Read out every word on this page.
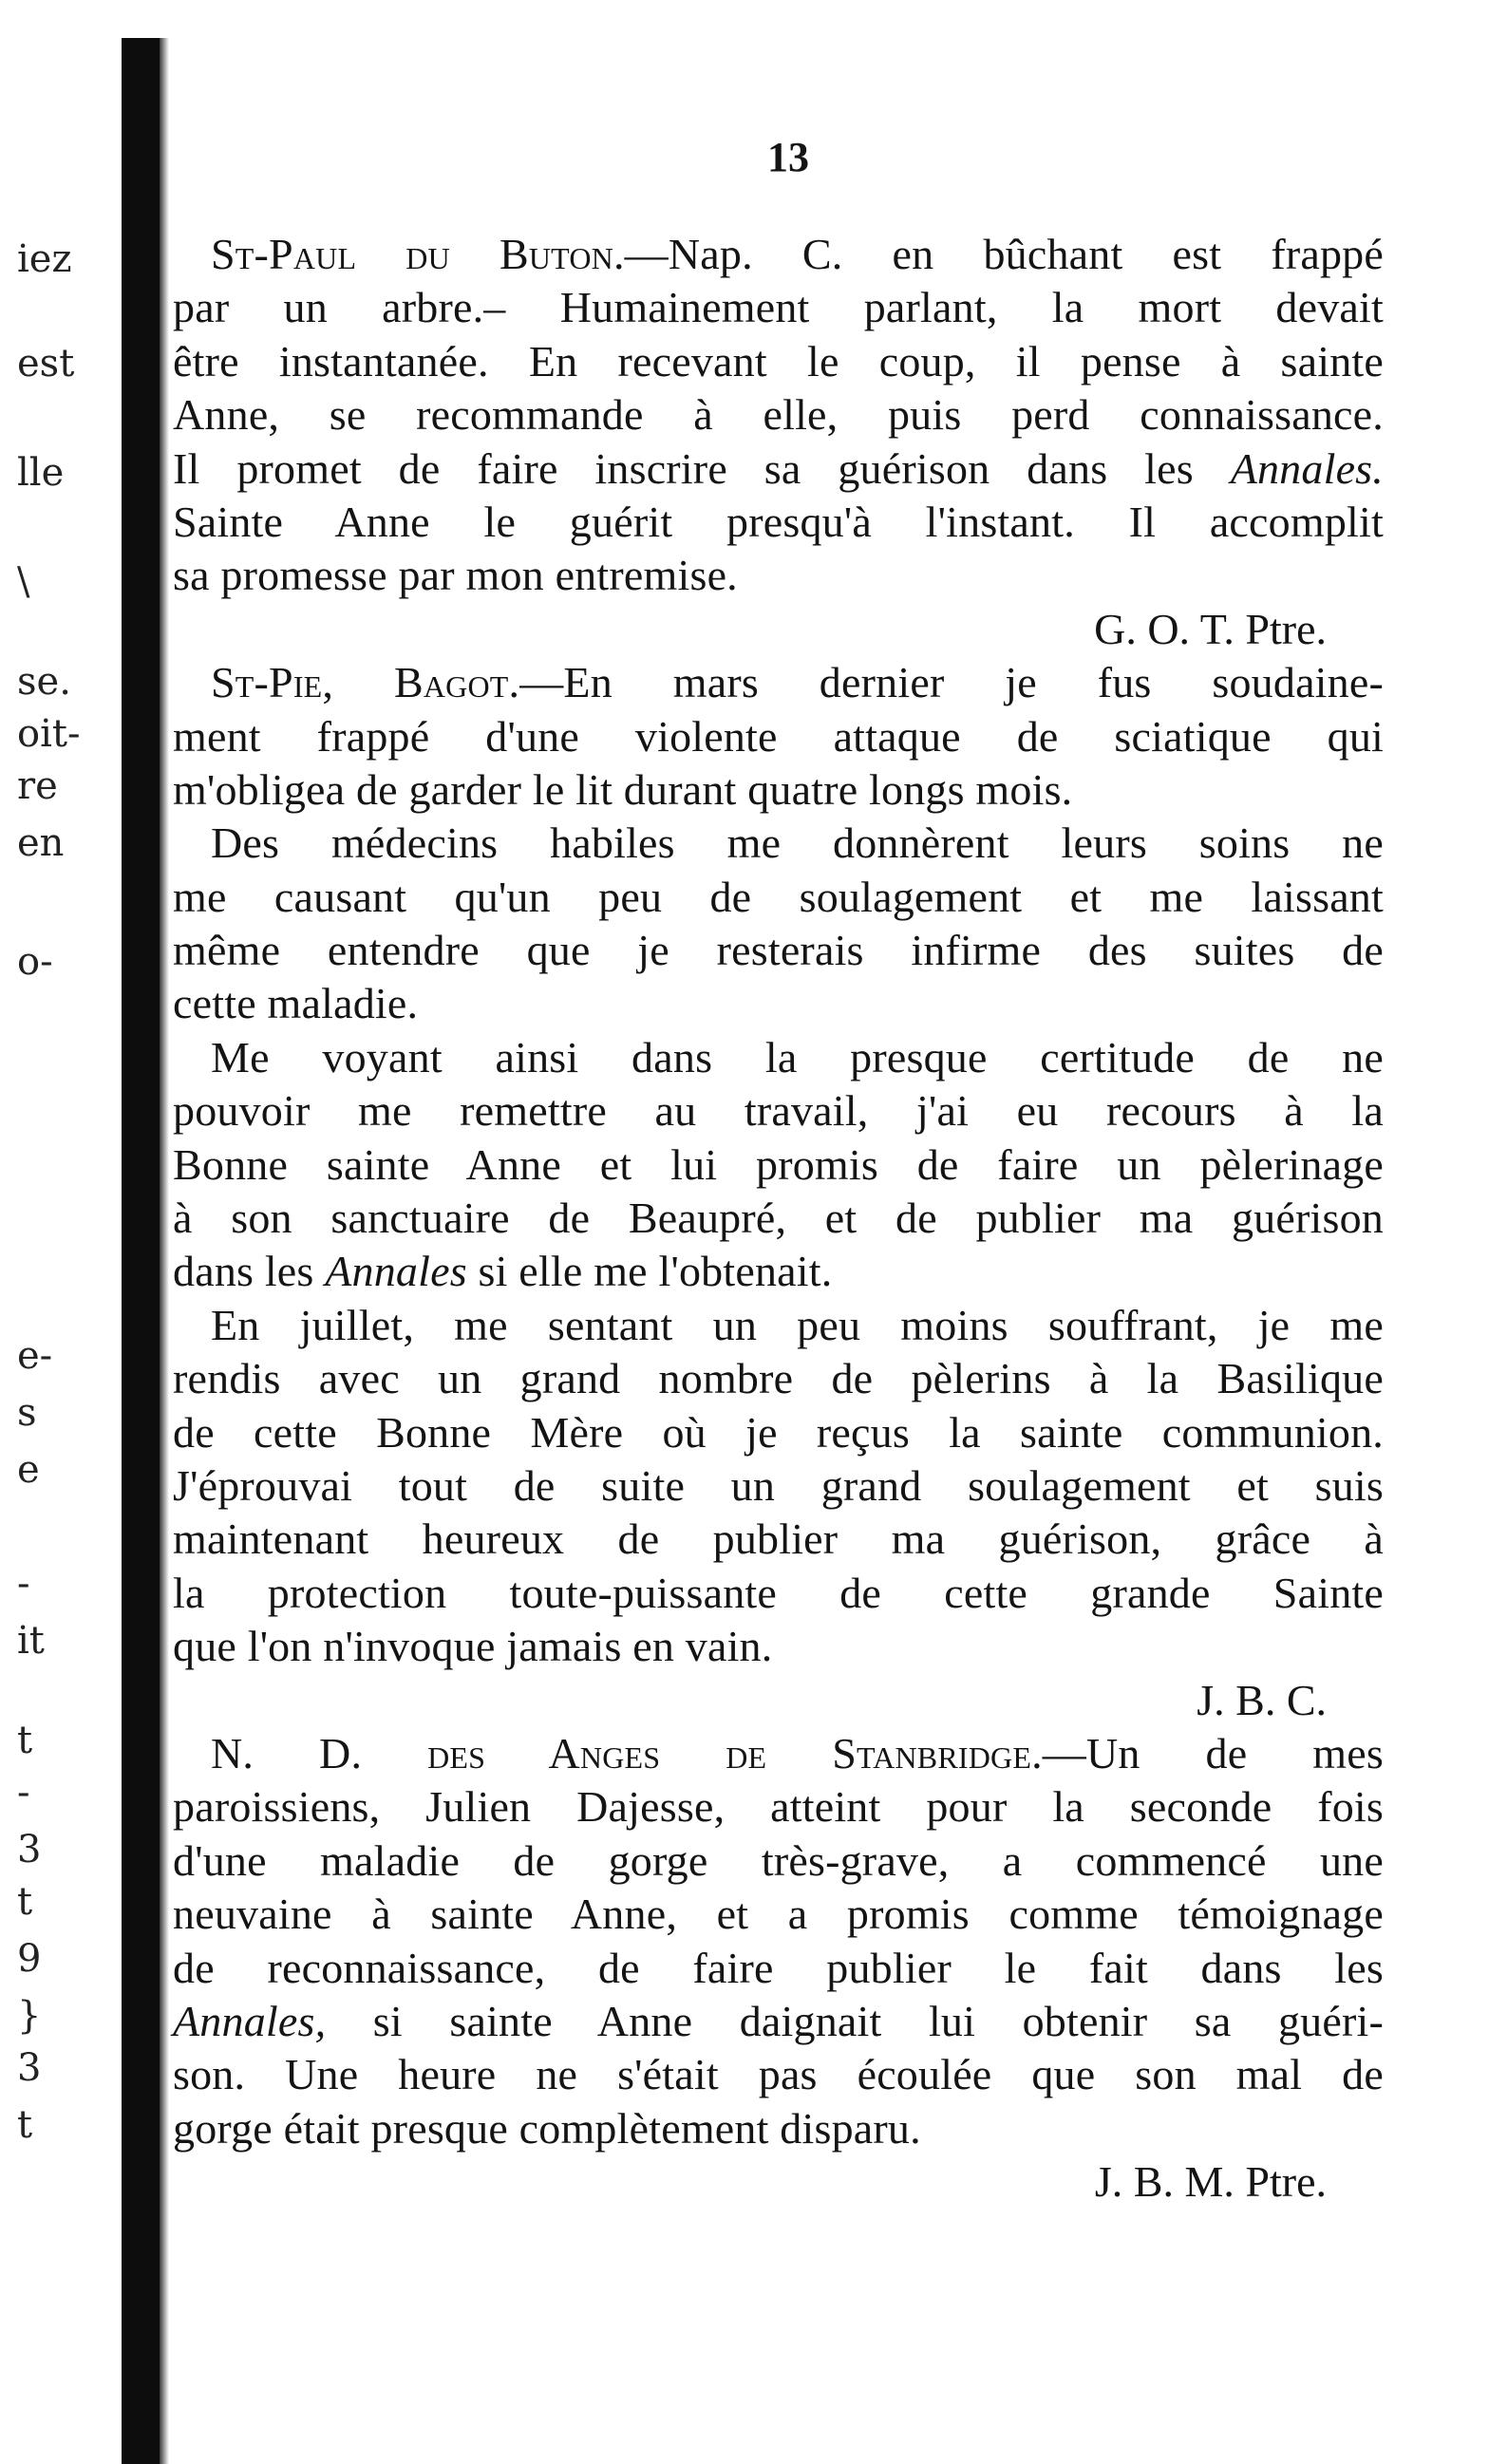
iez
est
lle
\
se.
oit-
re
en
o-
e-
s
e
-
it
t
-
3
t
9
}
3
t
13
St-Paul du Buton.—Nap. C. en bûchant est frappé
par un arbre.– Humainement parlant, la mort devait
être instantanée. En recevant le coup, il pense à sainte
Anne, se recommande à elle, puis perd connaissance.
Il promet de faire inscrire sa guérison dans les Annales.
Sainte Anne le guérit presqu'à l'instant. Il accomplit
sa promesse par mon entremise.
G. O. T. Ptre.
St-Pie, Bagot.—En mars dernier je fus soudaine-
ment frappé d'une violente attaque de sciatique qui
m'obligea de garder le lit durant quatre longs mois.
Des médecins habiles me donnèrent leurs soins ne
me causant qu'un peu de soulagement et me laissant
même entendre que je resterais infirme des suites de
cette maladie.
Me voyant ainsi dans la presque certitude de ne
pouvoir me remettre au travail, j'ai eu recours à la
Bonne sainte Anne et lui promis de faire un pèlerinage
à son sanctuaire de Beaupré, et de publier ma guérison
dans les Annales si elle me l'obtenait.
En juillet, me sentant un peu moins souffrant, je me
rendis avec un grand nombre de pèlerins à la Basilique
de cette Bonne Mère où je reçus la sainte communion.
J'éprouvai tout de suite un grand soulagement et suis
maintenant heureux de publier ma guérison, grâce à
la protection toute-puissante de cette grande Sainte
que l'on n'invoque jamais en vain.
J. B. C.
N. D. des Anges de Stanbridge.—Un de mes
paroissiens, Julien Dajesse, atteint pour la seconde fois
d'une maladie de gorge très-grave, a commencé une
neuvaine à sainte Anne, et a promis comme témoignage
de reconnaissance, de faire publier le fait dans les
Annales, si sainte Anne daignait lui obtenir sa guéri-
son. Une heure ne s'était pas écoulée que son mal de
gorge était presque complètement disparu.
J. B. M. Ptre.
